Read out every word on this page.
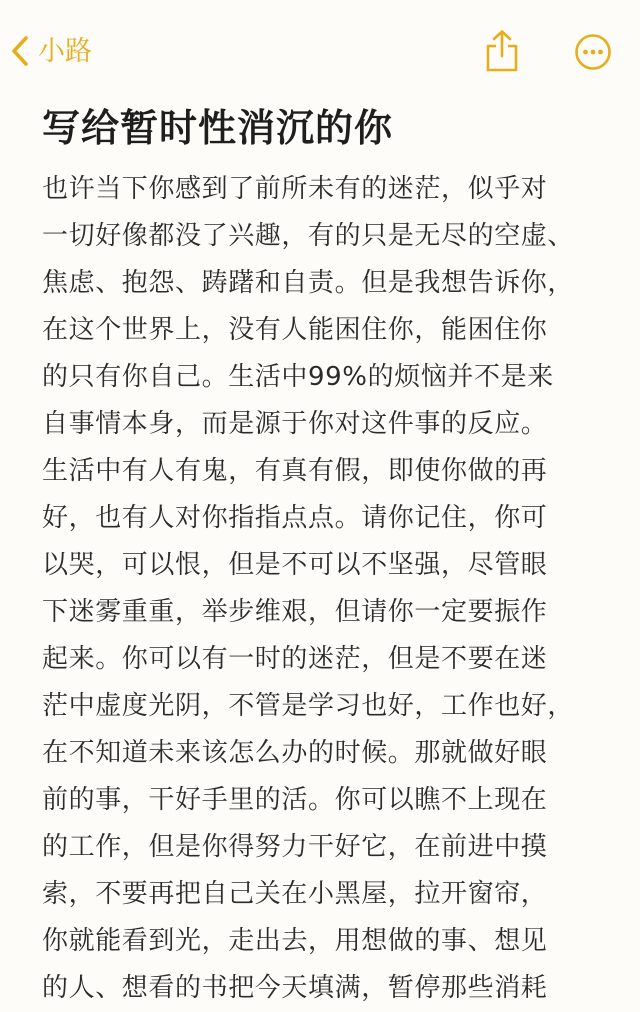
小路
写给暂时性消沉的你
也许当下你感到了前所未有的迷茫，似乎对
一切好像都没了兴趣，有的只是无尽的空虚、
焦虑、抱怨、踌躇和自责。但是我想告诉你，
在这个世界上，没有人能困住你，能困住你
的只有你自己。生活中99%的烦恼并不是来
自事情本身，而是源于你对这件事的反应。
生活中有人有鬼，有真有假，即使你做的再
好，也有人对你指指点点。请你记住，你可
以哭，可以恨，但是不可以不坚强，尽管眼
下迷雾重重，举步维艰，但请你一定要振作
起来。你可以有一时的迷茫，但是不要在迷
茫中虚度光阴，不管是学习也好，工作也好，
在不知道未来该怎么办的时候。那就做好眼
前的事，干好手里的活。你可以瞧不上现在
的工作，但是你得努力干好它，在前进中摸
索，不要再把自己关在小黑屋，拉开窗帘，
你就能看到光，走出去，用想做的事、想见
的人、想看的书把今天填满，暂停那些消耗
